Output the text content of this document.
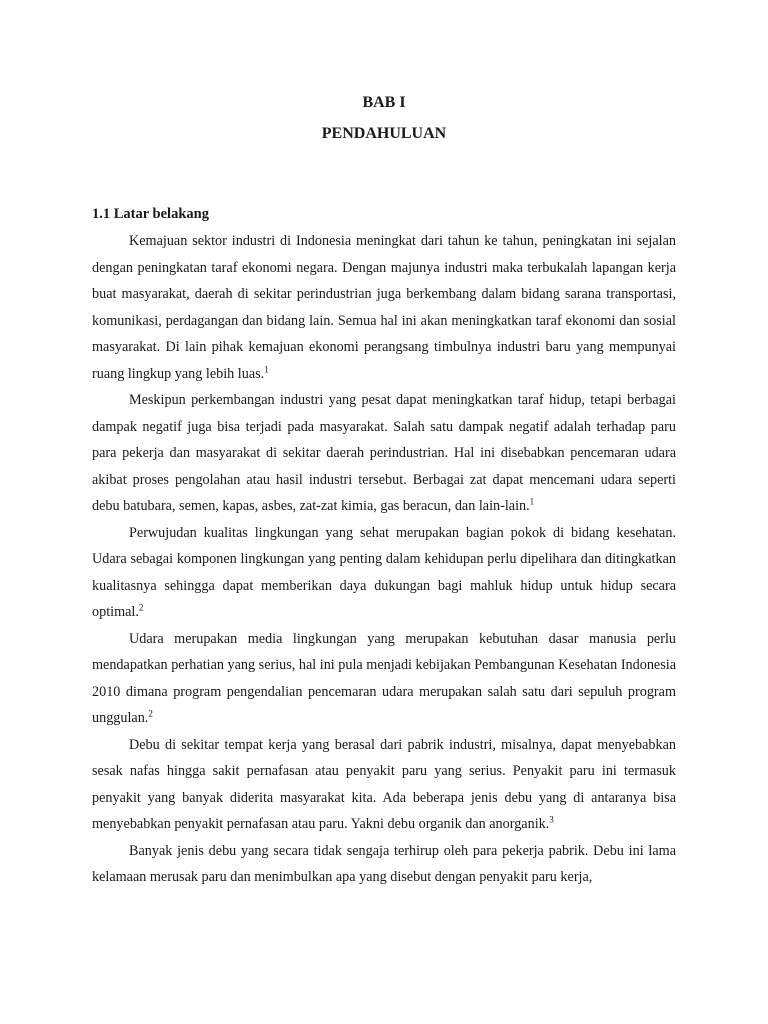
BAB I
PENDAHULUAN
1.1 Latar belakang

Kemajuan sektor industri di Indonesia meningkat dari tahun ke tahun, peningkatan ini sejalan dengan peningkatan taraf ekonomi negara. Dengan majunya industri maka terbukalah lapangan kerja buat masyarakat, daerah di sekitar perindustrian juga berkembang dalam bidang sarana transportasi, komunikasi, perdagangan dan bidang lain. Semua hal ini akan meningkatkan taraf ekonomi dan sosial masyarakat. Di lain pihak kemajuan ekonomi perangsang timbulnya industri baru yang mempunyai ruang lingkup yang lebih luas.$^1$

Meskipun perkembangan industri yang pesat dapat meningkatkan taraf hidup, tetapi berbagai dampak negatif juga bisa terjadi pada masyarakat. Salah satu dampak negatif adalah terhadap paru para pekerja dan masyarakat di sekitar daerah perindustrian. Hal ini disebabkan pencemaran udara akibat proses pengolahan atau hasil industri tersebut. Berbagai zat dapat mencemani udara seperti debu batubara, semen, kapas, asbes, zat-zat kimia, gas beracun, dan lain-lain.$^1$

Perwujudan kualitas lingkungan yang sehat merupakan bagian pokok di bidang kesehatan. Udara sebagai komponen lingkungan yang penting dalam kehidupan perlu dipelihara dan ditingkatkan kualitasnya sehingga dapat memberikan daya dukungan bagi mahluk hidup untuk hidup secara optimal.$^2$

Udara merupakan media lingkungan yang merupakan kebutuhan dasar manusia perlu mendapatkan perhatian yang serius, hal ini pula menjadi kebijakan Pembangunan Kesehatan Indonesia 2010 dimana program pengendalian pencemaran udara merupakan salah satu dari sepuluh program unggulan.$^2$

Debu di sekitar tempat kerja yang berasal dari pabrik industri, misalnya, dapat menyebabkan sesak nafas hingga sakit pernafasan atau penyakit paru yang serius. Penyakit paru ini termasuk penyakit yang banyak diderita masyarakat kita. Ada beberapa jenis debu yang di antaranya bisa menyebabkan penyakit pernafasan atau paru. Yakni debu organik dan anorganik.$^3$

Banyak jenis debu yang secara tidak sengaja terhirup oleh para pekerja pabrik. Debu ini lama kelamaan merusak paru dan menimbulkan apa yang disebut dengan penyakit paru kerja,
